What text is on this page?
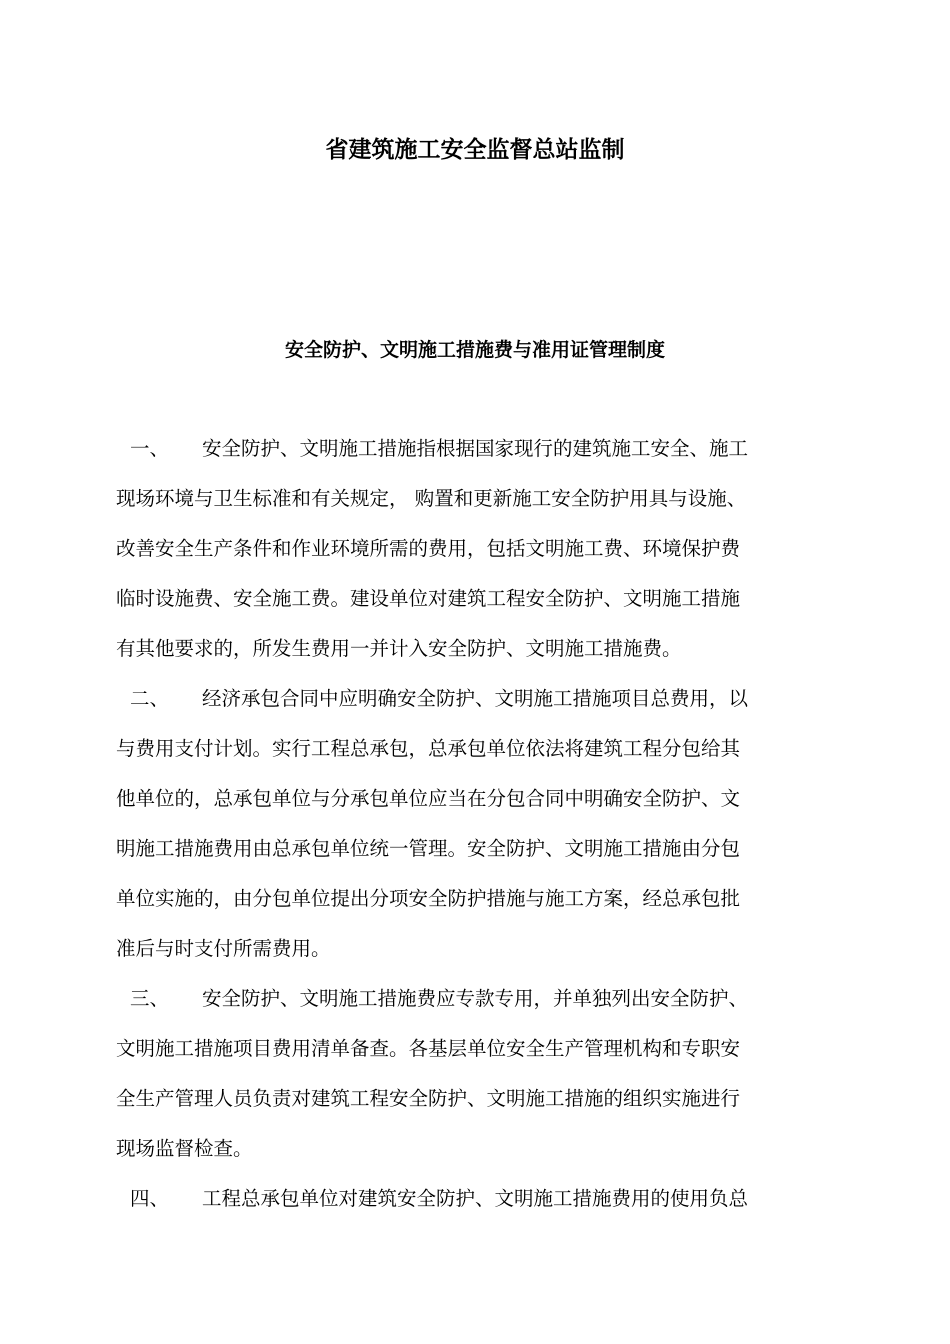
省建筑施工安全监督总站监制
安全防护、文明施工措施费与准用证管理制度
一、 安全防护、文明施工措施指根据国家现行的建筑施工安全、施工
现场环境与卫生标准和有关规定， 购置和更新施工安全防护用具与设施、
改善安全生产条件和作业环境所需的费用，包括文明施工费、环境保护费
临时设施费、安全施工费。建设单位对建筑工程安全防护、文明施工措施
有其他要求的，所发生费用一并计入安全防护、文明施工措施费。
二、 经济承包合同中应明确安全防护、文明施工措施项目总费用，以
与费用支付计划。实行工程总承包，总承包单位依法将建筑工程分包给其
他单位的，总承包单位与分承包单位应当在分包合同中明确安全防护、文
明施工措施费用由总承包单位统一管理。安全防护、文明施工措施由分包
单位实施的，由分包单位提出分项安全防护措施与施工方案，经总承包批
准后与时支付所需费用。
三、 安全防护、文明施工措施费应专款专用，并单独列出安全防护、
文明施工措施项目费用清单备查。各基层单位安全生产管理机构和专职安
全生产管理人员负责对建筑工程安全防护、文明施工措施的组织实施进行
现场监督检查。
四、 工程总承包单位对建筑安全防护、文明施工措施费用的使用负总
